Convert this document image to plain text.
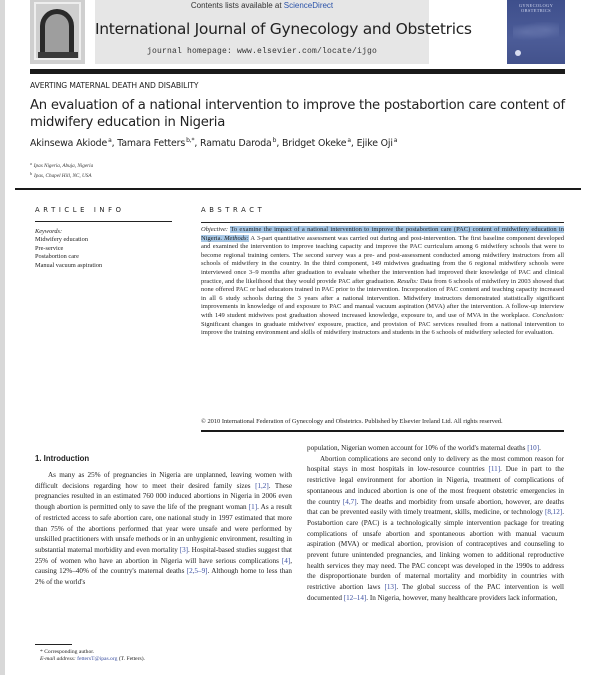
Contents lists available at ScienceDirect
International Journal of Gynecology and Obstetrics
journal homepage: www.elsevier.com/locate/ijgo
GYNECOLOGY
OBSTETRICS
AVERTING MATERNAL DEATH AND DISABILITY
An evaluation of a national intervention to improve the postabortion care content of midwifery education in Nigeria
Akinsewa Akiode$^a$, Tamara Fetters$^{b,*}$, Ramatu Daroda$^b$, Bridget Okeke$^a$, Ejike Oji$^a$
$^a$ Ipas Nigeria, Abuja, Nigeria
$^b$ Ipas, Chapel Hill, NC, USA
ARTICLE INFO
Keywords:
Midwifery education
Pre-service
Postabortion care
Manual vacuum aspiration
ABSTRACT
Objective: To examine the impact of a national intervention to improve the postabortion care (PAC) content of midwifery education in Nigeria. Methods: A 3-part quantitative assessment was carried out during and post-intervention. The first baseline component developed and examined the intervention to improve teaching capacity and improve the PAC curriculum among 6 midwifery schools that were to become regional training centers. The second survey was a pre- and post-assessment conducted among midwifery instructors from all schools of midwifery in the country. In the third component, 149 midwives graduating from the 6 regional midwifery schools were interviewed once 3–9 months after graduation to evaluate whether the intervention had improved their knowledge of PAC and clinical practice, and the likelihood that they would provide PAC after graduation. Results: Data from 6 schools of midwifery in 2003 showed that none offered PAC or had educators trained in PAC prior to the intervention. Incorporation of PAC content and teaching capacity increased in all 6 study schools during the 3 years after a national intervention. Midwifery instructors demonstrated statistically significant improvements in knowledge of and exposure to PAC and manual vacuum aspiration (MVA) after the intervention. A follow-up interview with 149 student midwives post graduation showed increased knowledge, exposure to, and use of MVA in the workplace. Conclusion: Significant changes in graduate midwives' exposure, practice, and provision of PAC services resulted from a national intervention to improve the training environment and skills of midwifery instructors and students in the 6 schools of midwifery selected for evaluation.
© 2010 International Federation of Gynecology and Obstetrics. Published by Elsevier Ireland Ltd. All rights reserved.
1. Introduction

As many as 25% of pregnancies in Nigeria are unplanned, leaving women with difficult decisions regarding how to meet their desired family sizes [1,2]. These pregnancies resulted in an estimated 760 000 induced abortions in Nigeria in 2006 even though abortion is permitted only to save the life of the pregnant woman [1]. As a result of restricted access to safe abortion care, one national study in 1997 estimated that more than 75% of the abortions performed that year were unsafe and were performed by unskilled practitioners with unsafe methods or in an unhygienic environment, resulting in substantial maternal morbidity and even mortality [3]. Hospital-based studies suggest that 25% of women who have an abortion in Nigeria will have serious complications [4], causing 12%–40% of the country's maternal deaths [2,5–9]. Although home to less than 2% of the world's

population, Nigerian women account for 10% of the world's maternal deaths [10].

Abortion complications are second only to delivery as the most common reason for hospital stays in most hospitals in low-resource countries [11]. Due in part to the restrictive legal environment for abortion in Nigeria, treatment of complications of spontaneous and induced abortion is one of the most frequent obstetric emergencies in the country [4,7]. The deaths and morbidity from unsafe abortion, however, are deaths that can be prevented easily with timely treatment, skills, medicine, or technology [8,12]. Postabortion care (PAC) is a technologically simple intervention package for treating complications of unsafe abortion and spontaneous abortion with manual vacuum aspiration (MVA) or medical abortion, provision of contraceptives and counseling to prevent future unintended pregnancies, and linking women to additional reproductive health services they may need. The PAC concept was developed in the 1990s to address the disproportionate burden of maternal mortality and morbidity in countries with restrictive abortion laws [13]. The global success of the PAC intervention is well documented [12–14]. In Nigeria, however, many healthcare providers lack information,

* Corresponding author.
E-mail address: fettersT@ipas.org (T. Fetters).
